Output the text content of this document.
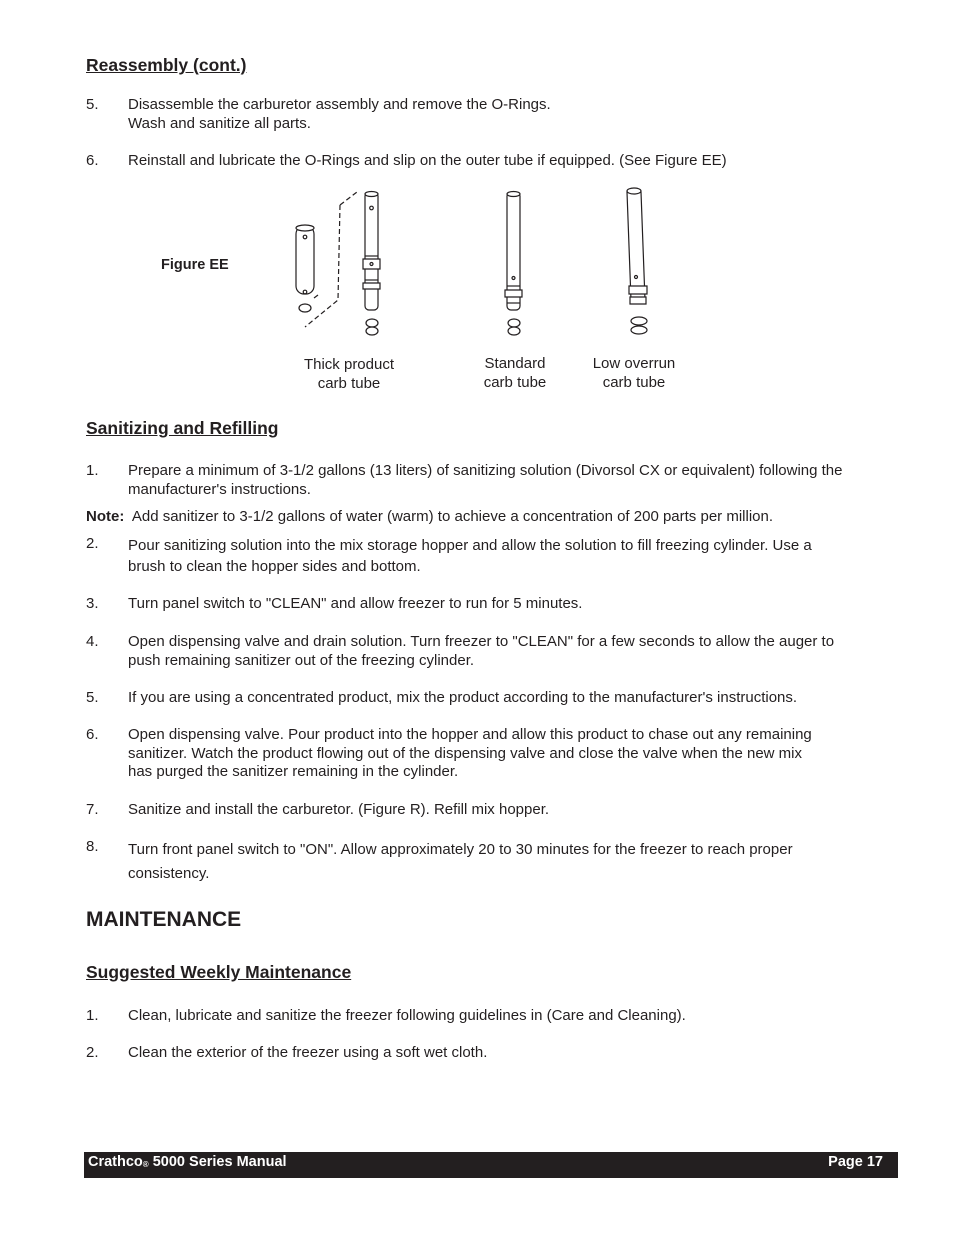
Reassembly (cont.)
5.	Disassemble the carburetor assembly and remove the O-Rings.
Wash and sanitize all parts.
6.	Reinstall and lubricate the O-Rings and slip on the outer tube if equipped. (See Figure EE)
Figure EE
Thick product
carb tube
Standard
carb tube
Low overrun
carb tube
Sanitizing and Refilling
1.	Prepare a minimum of 3-1/2 gallons (13 liters) of sanitizing solution (Divorsol CX or equivalent) following the
manufacturer's instructions.
Note: Add sanitizer to 3-1/2 gallons of water (warm) to achieve a concentration of 200 parts per million.
2.	Pour sanitizing solution into the mix storage hopper and allow the solution to fill freezing cylinder. Use a
brush to clean the hopper sides and bottom.
3.	Turn panel switch to "CLEAN" and allow freezer to run for 5 minutes.
4.	Open dispensing valve and drain solution. Turn freezer to "CLEAN" for a few seconds to allow the auger to
push remaining sanitizer out of the freezing cylinder.
5.	If you are using a concentrated product, mix the product according to the manufacturer's instructions.
6.	Open dispensing valve. Pour product into the hopper and allow this product to chase out any remaining
sanitizer. Watch the product flowing out of the dispensing valve and close the valve when the new mix
has purged the sanitizer remaining in the cylinder.
7.	Sanitize and install the carburetor. (Figure R). Refill mix hopper.
8.	Turn front panel switch to "ON". Allow approximately 20 to 30 minutes for the freezer to reach proper
consistency.
MAINTENANCE
Suggested Weekly Maintenance
1.	Clean, lubricate and sanitize the freezer following guidelines in (Care and Cleaning).
2.	Clean the exterior of the freezer using a soft wet cloth.
Crathco$_®$ 5000 Series Manual	Page 17
